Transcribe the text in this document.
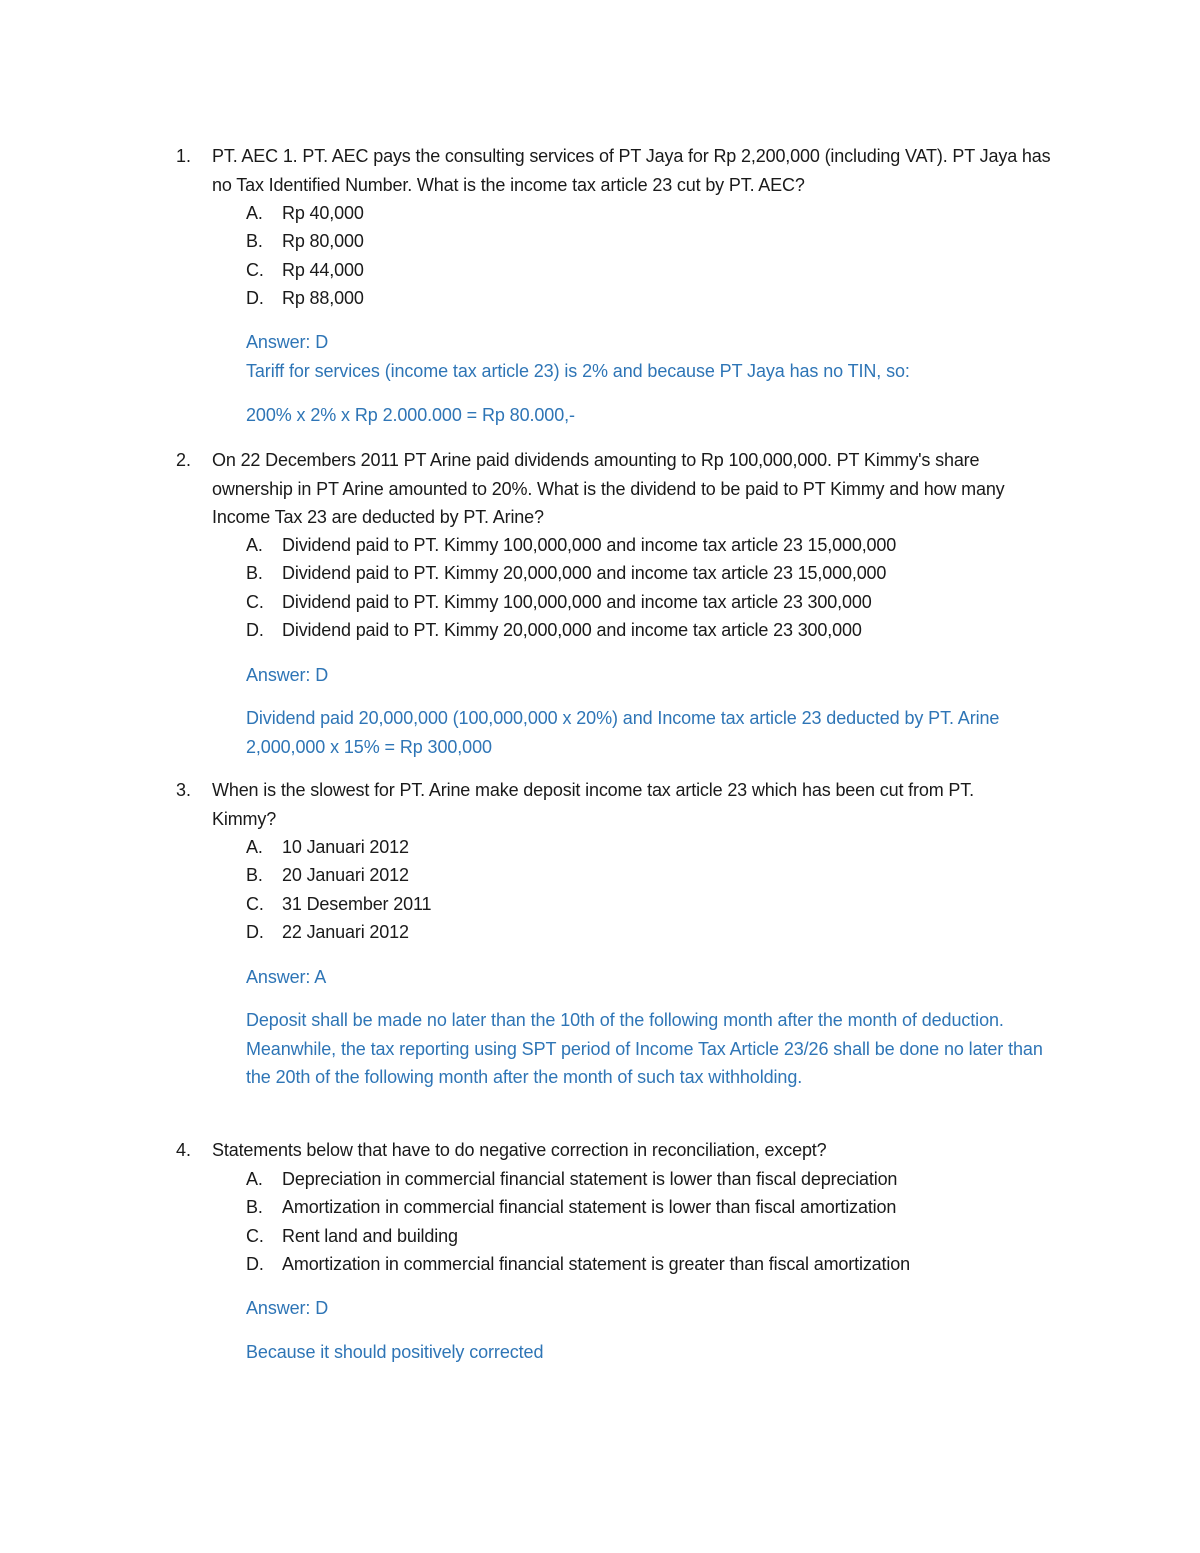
1. PT. AEC 1. PT. AEC pays the consulting services of PT Jaya for Rp 2,200,000 (including VAT). PT Jaya has no Tax Identified Number. What is the income tax article 23 cut by PT. AEC?
A. Rp 40,000
B. Rp 80,000
C. Rp 44,000
D. Rp 88,000
Answer: D
Tariff for services (income tax article 23) is 2% and because PT Jaya has no TIN, so:
200% x 2% x Rp 2.000.000 = Rp 80.000,-
2. On 22 Decembers 2011 PT Arine paid dividends amounting to Rp 100,000,000. PT Kimmy's share ownership in PT Arine amounted to 20%. What is the dividend to be paid to PT Kimmy and how many Income Tax 23 are deducted by PT. Arine?
A. Dividend paid to PT. Kimmy 100,000,000 and income tax article 23 15,000,000
B. Dividend paid to PT. Kimmy 20,000,000 and income tax article 23 15,000,000
C. Dividend paid to PT. Kimmy 100,000,000 and income tax article 23 300,000
D. Dividend paid to PT. Kimmy 20,000,000 and income tax article 23 300,000
Answer: D
Dividend paid 20,000,000 (100,000,000 x 20%) and Income tax article 23 deducted by PT. Arine 2,000,000 x 15% = Rp 300,000
3. When is the slowest for PT. Arine make deposit income tax article 23 which has been cut from PT. Kimmy?
A. 10 Januari 2012
B. 20 Januari 2012
C. 31 Desember 2011
D. 22 Januari 2012
Answer: A
Deposit shall be made no later than the 10th of the following month after the month of deduction. Meanwhile, the tax reporting using SPT period of Income Tax Article 23/26 shall be done no later than the 20th of the following month after the month of such tax withholding.
4. Statements below that have to do negative correction in reconciliation, except?
A. Depreciation in commercial financial statement is lower than fiscal depreciation
B. Amortization in commercial financial statement is lower than fiscal amortization
C. Rent land and building
D. Amortization in commercial financial statement is greater than fiscal amortization
Answer: D
Because it should positively corrected
